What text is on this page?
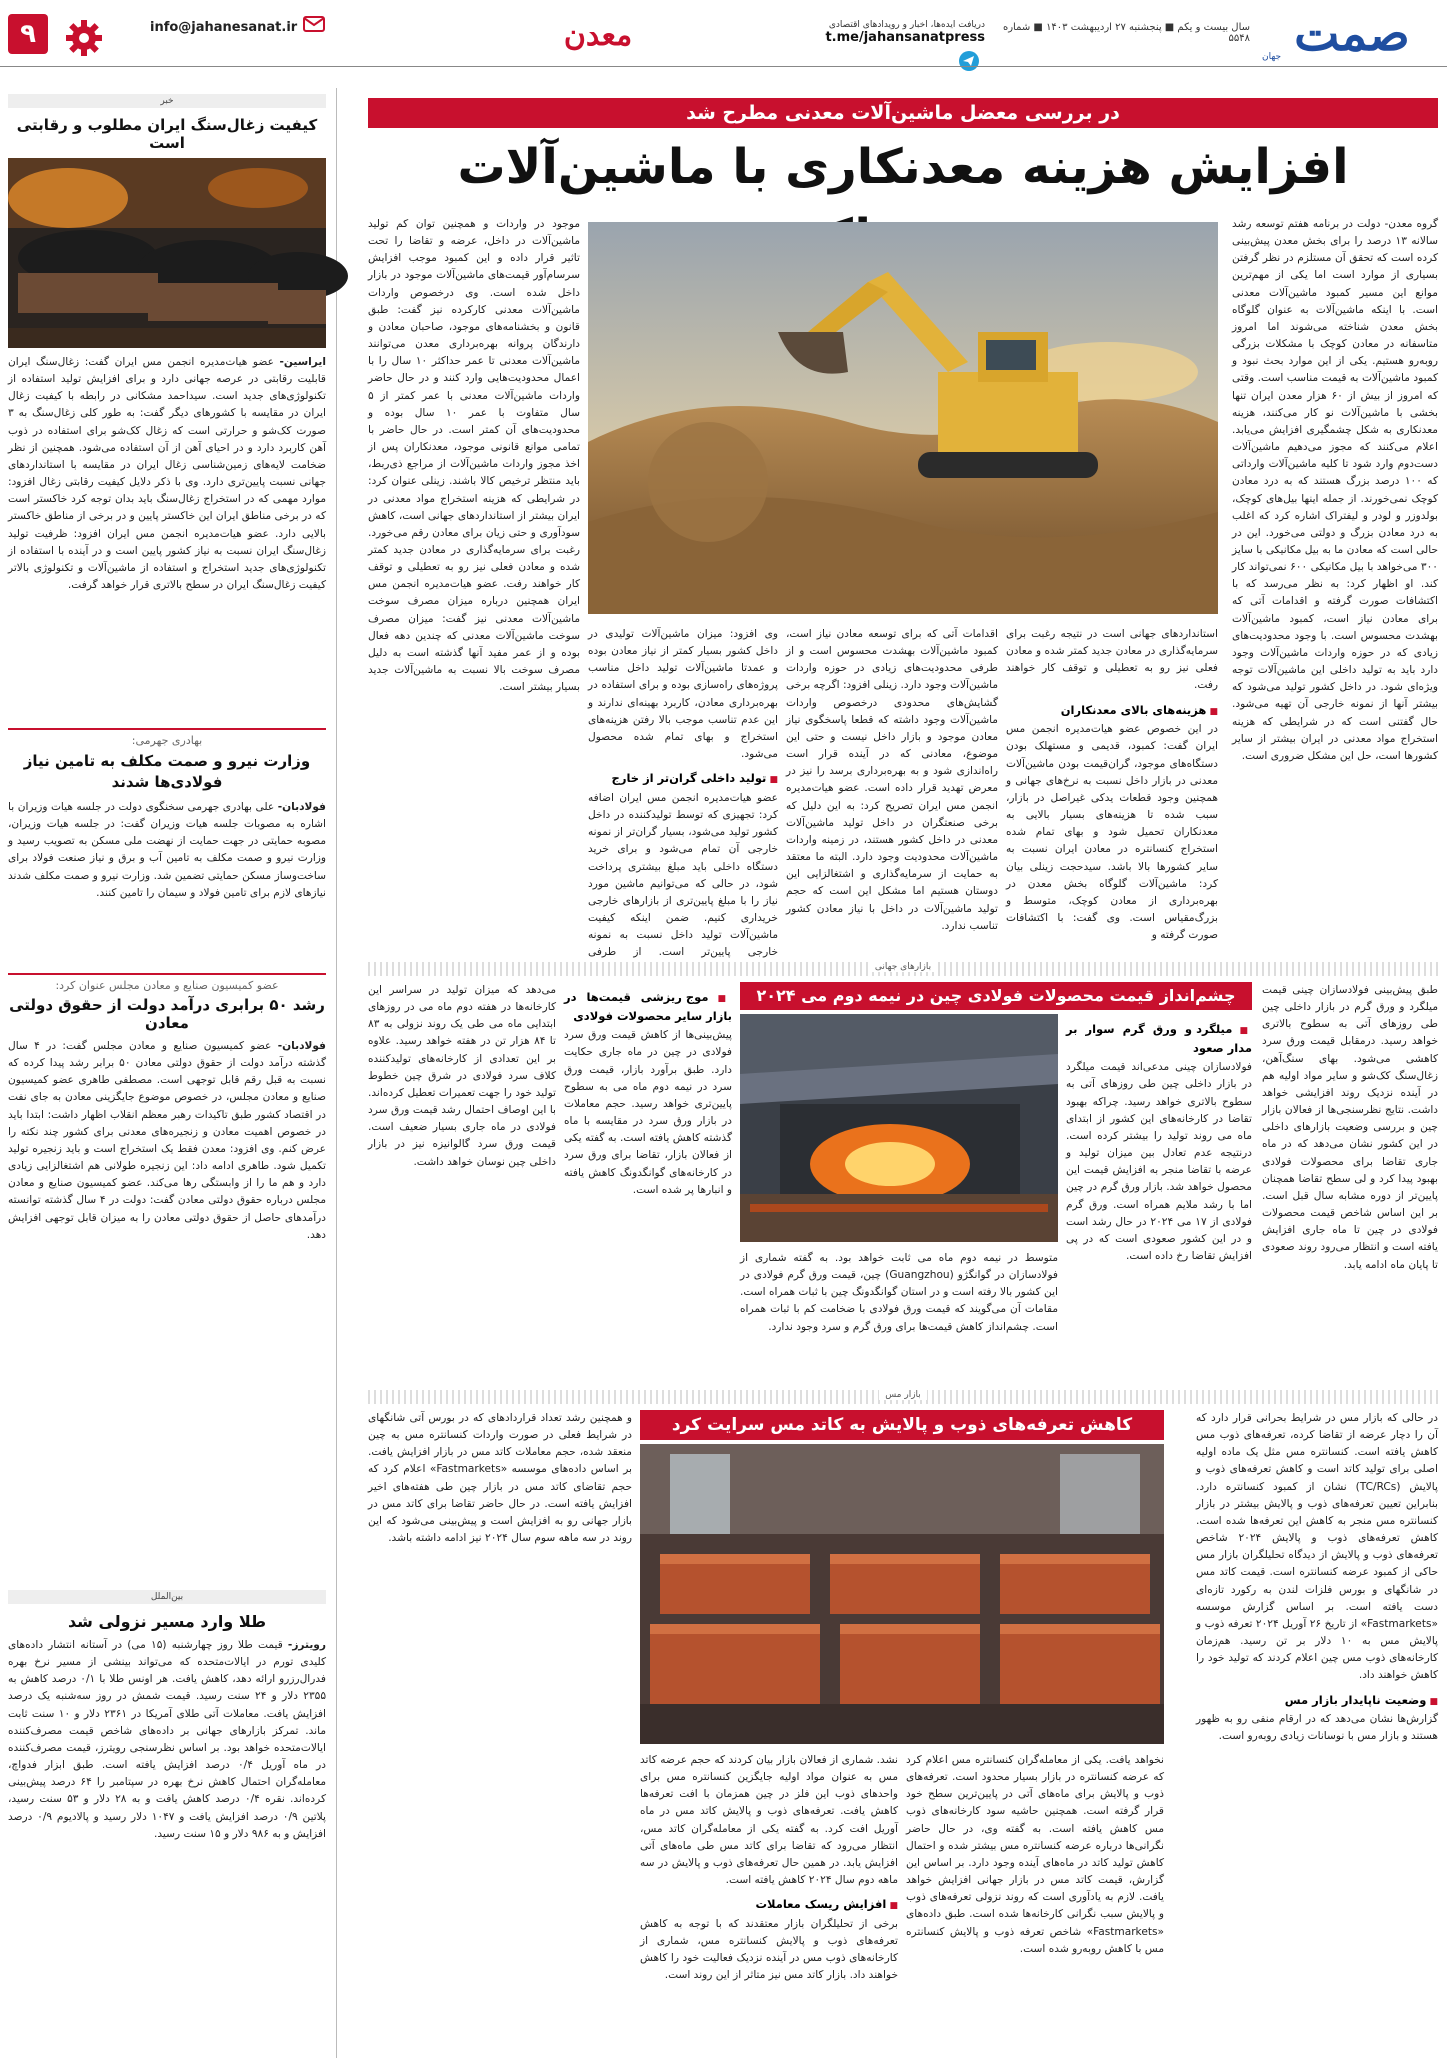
۹	info@jahanesanat.ir	معدن	دریافت ایده‌ها، اخبار و رویدادهای اقتصادی
t.me/jahansanatpress
سال بیست و یکم ■ پنجشنبه ۲۷ اردیبهشت ۱۴۰۳ ■ شماره ۵۵۴۸ صمت
جهان
در بررسی معضل ماشین‌آلات معدنی مطرح شد
افزایش هزینه معدنکاری با ماشین‌آلات

گروه معدن- دولت در برنامه هفتم توسعه رشد سالانه ۱۳ درصد را برای بخش معدن پیش‌بینی کرده است که تحقق آن مستلزم در نظر گرفتن بسیاری از موارد است اما یکی از مهم‌ترین موانع این مسیر کمبود ماشین‌آلات معدنی است. با اینکه ماشین‌آلات به عنوان گلوگاه بخش معدن شناخته می‌شوند اما امروز متاسفانه در معادن کوچک با مشکلات بزرگی روبه‌رو هستیم. یکی از این موارد بحث نبود و کمبود ماشین‌آلات به قیمت مناسب است. وقتی که امروز از بیش از ۶۰ هزار معدن ایران تنها بخشی با ماشین‌آلات نو کار می‌کنند، هزینه معدنکاری به شکل چشمگیری افزایش می‌یابد. اعلام می‌کنند که مجوز می‌دهیم ماشین‌آلات دست‌دوم وارد شود تا کلیه ماشین‌آلات وارداتی که ۱۰۰ درصد بزرگ هستند که به درد معادن کوچک نمی‌خورند. از جمله اینها بیل‌های کوچک، بولدوزر و لودر و لیفتراک اشاره کرد که اغلب به درد معادن بزرگ و دولتی می‌خورد. این در حالی است که معادن ما به بیل مکانیکی با سایز ۳۰۰ می‌خواهد با بیل مکانیکی ۶۰۰ نمی‌تواند کار کند. او اظهار کرد: به نظر می‌رسد که با اکتشافات صورت گرفته و اقدامات آتی که برای معادن نیاز است، کمبود ماشین‌آلات بهشدت محسوس است. با وجود محدودیت‌های زیادی که در حوزه واردات ماشین‌آلات وجود دارد باید به تولید داخلی این ماشین‌آلات توجه ویژه‌ای شود. در داخل کشور تولید می‌شود که بیشتر آنها از نمونه خارجی آن تهیه می‌شود. حال گفتنی است که در شرایطی که هزینه استخراج مواد معدنی در ایران بیشتر از سایر کشورها است، حل این مشکل ضروری است.

استانداردهای جهانی است در نتیجه رغبت برای سرمایه‌گذاری در معادن جدید کمتر شده و معادن فعلی نیز رو به تعطیلی و توقف کار خواهند رفت.

■ هزینه‌های بالای معدنکاران

در این خصوص عضو هیات‌مدیره انجمن مس ایران گفت: کمبود، قدیمی و مستهلک بودن دستگاه‌های موجود، گران‌قیمت بودن ماشین‌آلات معدنی در بازار داخل نسبت به نرخ‌های جهانی و همچنین وجود قطعات یدکی غیراصل در بازار، سبب شده تا هزینه‌های بسیار بالایی به معدنکاران تحمیل شود و بهای تمام شده استخراج کنسانتره در معادن ایران نسبت به سایر کشورها بالا باشد. سیدحجت زینلی بیان کرد: ماشین‌آلات گلوگاه بخش معدن در بهره‌برداری از معادن کوچک، متوسط و بزرگ‌مقیاس است. وی گفت: با اکتشافات صورت گرفته و

اقدامات آتی که برای توسعه معادن نیاز است، کمبود ماشین‌آلات بهشدت محسوس است و از طرفی محدودیت‌های زیادی در حوزه واردات ماشین‌آلات وجود دارد. زینلی افزود: اگرچه برخی گشایش‌های محدودی درخصوص واردات ماشین‌آلات وجود داشته که قطعا پاسخگوی نیاز معادن موجود و بازار داخل نیست و حتی این موضوع، معادنی که در آینده قرار است راه‌اندازی شود و به بهره‌برداری برسد را نیز در معرض تهدید قرار داده است. عضو هیات‌مدیره انجمن مس ایران تصریح کرد: به این دلیل که برخی صنعتگران در داخل تولید ماشین‌آلات معدنی در داخل کشور هستند، در زمینه واردات ماشین‌آلات محدودیت وجود دارد. البته ما معتقد به حمایت از سرمایه‌گذاری و اشتغالزایی این دوستان هستیم اما مشکل این است که حجم تولید ماشین‌آلات در داخل با نیاز معادن کشور تناسب ندارد.

وی افزود: میزان ماشین‌آلات تولیدی در داخل کشور بسیار کمتر از نیاز معادن بوده و عمدتا ماشین‌آلات تولید داخل مناسب پروژه‌های راه‌سازی بوده و برای استفاده در بهره‌برداری معادن، کاربرد بهینه‌ای ندارند و این عدم تناسب موجب بالا رفتن هزینه‌های استخراج و بهای تمام شده محصول می‌شود.

■ تولید داخلی گران‌تر از خارج

عضو هیات‌مدیره انجمن مس ایران اضافه کرد: تجهیزی که توسط تولیدکننده در داخل کشور تولید می‌شود، بسیار گران‌تر از نمونه خارجی آن تمام می‌شود و برای خرید دستگاه داخلی باید مبلغ بیشتری پرداخت شود، در حالی که می‌توانیم ماشین مورد نیاز را با مبلغ پایین‌تری از بازارهای خارجی خریداری کنیم. ضمن اینکه کیفیت ماشین‌آلات تولید داخل نسبت به نمونه خارجی پایین‌تر است. از طرفی

موجود در واردات و همچنین توان کم تولید ماشین‌آلات در داخل، عرضه و تقاضا را تحت تاثیر قرار داده و این کمبود موجب افزایش سرسام‌آور قیمت‌های ماشین‌آلات موجود در بازار داخل شده است. وی درخصوص واردات ماشین‌آلات معدنی کارکرده نیز گفت: طبق قانون و بخشنامه‌های موجود، صاحبان معادن و دارندگان پروانه بهره‌برداری معدن می‌توانند ماشین‌آلات معدنی تا عمر حداکثر ۱۰ سال را با اعمال محدودیت‌هایی وارد کنند و در حال حاضر واردات ماشین‌آلات معدنی با عمر کمتر از ۵ سال متفاوت با عمر ۱۰ سال بوده و محدودیت‌های آن کمتر است. در حال حاضر با تمامی موانع قانونی موجود، معدنکاران پس از اخذ مجوز واردات ماشین‌آلات از مراجع ذی‌ربط، باید منتظر ترخیص کالا باشند. زینلی عنوان کرد: در شرایطی که هزینه استخراج مواد معدنی در ایران بیشتر از استانداردهای جهانی است، کاهش سودآوری و حتی زیان برای معادن رقم می‌خورد. رغبت برای سرمایه‌گذاری در معادن جدید کمتر شده و معادن فعلی نیز رو به تعطیلی و توقف کار خواهند رفت. عضو هیات‌مدیره انجمن مس ایران همچنین درباره میزان مصرف سوخت ماشین‌آلات معدنی نیز گفت: میزان مصرف سوخت ماشین‌آلات معدنی که چندین دهه فعال بوده و از عمر مفید آنها گذشته است به دلیل مصرف سوخت بالا نسبت به ماشین‌آلات جدید بسیار بیشتر است.

بازارهای جهانی
چشم‌انداز قیمت محصولات فولادی چین در نیمه دوم می ۲۰۲۴	طبق پیش‌بینی فولادسازان چینی قیمت میلگرد و ورق گرم در بازار داخلی چین طی روزهای آتی به سطوح بالاتری خواهد رسید. درمقابل قیمت ورق سرد کاهشی می‌شود. بهای سنگ‌آهن، زغال‌سنگ کک‌شو و سایر مواد اولیه هم در آینده نزدیک روند افزایشی خواهد داشت. نتایج نظرسنجی‌ها از فعالان بازار چین و بررسی وضعیت بازارهای داخلی در این کشور نشان می‌دهد که در ماه جاری تقاضا برای محصولات فولادی بهبود پیدا کرد و لی سطح تقاضا همچنان پایین‌تر از دوره مشابه سال قبل است. بر این اساس شاخص قیمت محصولات فولادی در چین تا ماه جاری افزایش یافته است و انتظار می‌رود روند صعودی تا پایان ماه ادامه یابد.

■ میلگرد و ورق گرم سوار بر مدار صعود

فولادسازان چینی مدعی‌اند قیمت میلگرد در بازار داخلی چین طی روزهای آتی به سطوح بالاتری خواهد رسید. چراکه بهبود تقاضا در کارخانه‌های این کشور از ابتدای ماه می روند تولید را بیشتر کرده است. درنتیجه عدم تعادل بین میزان تولید و عرضه با تقاضا منجر به افزایش قیمت این محصول خواهد شد. بازار ورق گرم در چین اما با رشد ملایم همراه است. ورق گرم فولادی از ۱۷ می ۲۰۲۴ در حال رشد است و در این کشور صعودی است که در پی افزایش تقاضا رخ داده است.

متوسط در نیمه دوم ماه می ثابت خواهد بود. به گفته شماری از فولادسازان در گوانگژو (Guangzhou) چین، قیمت ورق گرم فولادی در این کشور بالا رفته است و در استان گوانگدونگ چین با ثبات همراه است. مقامات آن می‌گویند که قیمت ورق فولادی با ضخامت کم با ثبات همراه است. چشم‌انداز کاهش قیمت‌ها برای ورق گرم و سرد وجود ندارد.

■ موج ریزشی قیمت‌ها در بازار سایر محصولات فولادی

پیش‌بینی‌ها از کاهش قیمت ورق سرد فولادی در چین در ماه جاری حکایت دارد. طبق برآورد بازار، قیمت ورق سرد در نیمه دوم ماه می به سطوح پایین‌تری خواهد رسید. حجم معاملات در بازار ورق سرد در مقایسه با ماه گذشته کاهش یافته است. به گفته یکی از فعالان بازار، تقاضا برای ورق سرد در کارخانه‌های گوانگدونگ کاهش یافته و انبارها پر شده است.

می‌دهد که میزان تولید در سراسر این کارخانه‌ها در هفته دوم ماه می در روزهای ابتدایی ماه می طی یک روند نزولی به ۸۳ تا ۸۴ هزار تن در هفته خواهد رسید. علاوه بر این تعدادی از کارخانه‌های تولیدکننده کلاف سرد فولادی در شرق چین خطوط تولید خود را جهت تعمیرات تعطیل کرده‌اند. با این اوصاف احتمال رشد قیمت ورق سرد فولادی در ماه جاری بسیار ضعیف است. قیمت ورق سرد گالوانیزه نیز در بازار داخلی چین نوسان خواهد داشت.

بازار مس
کاهش تعرفه‌های ذوب و پالایش به کاتد مس سرایت کرد	در حالی که بازار مس در شرایط بحرانی قرار دارد که آن را دچار عرضه از تقاضا کرده، تعرفه‌های ذوب مس کاهش یافته است. کنسانتره مس مثل یک ماده اولیه اصلی برای تولید کاتد است و کاهش تعرفه‌های ذوب و پالایش (TC/RCs) نشان از کمبود کنسانتره دارد. بنابراین تعیین تعرفه‌های ذوب و پالایش بیشتر در بازار کنسانتره مس منجر به کاهش این تعرفه‌ها شده است. کاهش تعرفه‌های ذوب و پالایش ۲۰۲۴ شاخص تعرفه‌های ذوب و پالایش از دیدگاه تحلیلگران بازار مس حاکی از کمبود عرضه کنسانتره است. قیمت کاتد مس در شانگهای و بورس فلزات لندن به رکورد تازه‌ای دست یافته است. بر اساس گزارش موسسه «Fastmarkets» از تاریخ ۲۶ آوریل ۲۰۲۴ تعرفه ذوب و پالایش مس به ۱۰ دلار بر تن رسید. هم‌زمان کارخانه‌های ذوب مس چین اعلام کردند که تولید خود را کاهش خواهند داد.

■ وضعیت ناپایدار بازار مس

گزارش‌ها نشان می‌دهد که در ارقام منفی رو به ظهور هستند و بازار مس با نوسانات زیادی روبه‌رو است.

نخواهد یافت. یکی از معامله‌گران کنسانتره مس اعلام کرد که عرضه کنسانتره در بازار بسیار محدود است. تعرفه‌های ذوب و پالایش برای ماه‌های آتی در پایین‌ترین سطح خود قرار گرفته است. همچنین حاشیه سود کارخانه‌های ذوب مس کاهش یافته است. به گفته وی، در حال حاضر نگرانی‌ها درباره عرضه کنسانتره مس بیشتر شده و احتمال کاهش تولید کاتد در ماه‌های آینده وجود دارد. بر اساس این گزارش، قیمت کاتد مس در بازار جهانی افزایش خواهد یافت. لازم به یادآوری است که روند نزولی تعرفه‌های ذوب و پالایش سبب نگرانی کارخانه‌ها شده است. طبق داده‌های «Fastmarkets» شاخص تعرفه ذوب و پالایش کنسانتره مس با کاهش روبه‌رو شده است.

نشد. شماری از فعالان بازار بیان کردند که حجم عرضه کاتد مس به عنوان مواد اولیه جایگزین کنسانتره مس برای واحدهای ذوب این فلز در چین همزمان با افت تعرفه‌ها کاهش یافت. تعرفه‌های ذوب و پالایش کاتد مس در ماه آوریل افت کرد. به گفته یکی از معامله‌گران کاتد مس، انتظار می‌رود که تقاضا برای کاتد مس طی ماه‌های آتی افزایش یابد. در همین حال تعرفه‌های ذوب و پالایش در سه ماهه دوم سال ۲۰۲۴ کاهش یافته است.

■ افزایش ریسک معاملات

برخی از تحلیلگران بازار معتقدند که با توجه به کاهش تعرفه‌های ذوب و پالایش کنسانتره مس، شماری از کارخانه‌های ذوب مس در آینده نزدیک فعالیت خود را کاهش خواهند داد. بازار کاتد مس نیز متاثر از این روند است.

و همچنین رشد تعداد قراردادهای که در بورس آتی شانگهای در شرایط فعلی در صورت واردات کنسانتره مس به چین منعقد شده، حجم معاملات کاتد مس در بازار افزایش یافت. بر اساس داده‌های موسسه «Fastmarkets» اعلام کرد که حجم تقاضای کاتد مس در بازار چین طی هفته‌های اخیر افزایش یافته است. در حال حاضر تقاضا برای کاتد مس در بازار جهانی رو به افزایش است و پیش‌بینی می‌شود که این روند در سه ماهه سوم سال ۲۰۲۴ نیز ادامه داشته باشد.

خبر
کیفیت زغال‌سنگ ایران مطلوب و رقابتی است

ایراسین- عضو هیات‌مدیره انجمن مس ایران گفت: زغال‌سنگ ایران قابلیت رقابتی در عرصه جهانی دارد و برای افزایش تولید استفاده از تکنولوژی‌های جدید است. سیداحمد مشکانی در رابطه با کیفیت زغال ایران در مقایسه با کشورهای دیگر گفت: به طور کلی زغال‌سنگ به ۳ صورت کک‌شو و حرارتی است که زغال کک‌شو برای استفاده در ذوب آهن کاربرد دارد و در احیای آهن از آن استفاده می‌شود. همچنین از نظر ضخامت لایه‌های زمین‌شناسی زغال ایران در مقایسه با استانداردهای جهانی نسبت پایین‌تری دارد. وی با ذکر دلایل کیفیت رقابتی زغال افزود: موارد مهمی که در استخراج زغال‌سنگ باید بدان توجه کرد خاکستر است که در برخی مناطق ایران این خاکستر پایین و در برخی از مناطق خاکستر بالایی دارد. عضو هیات‌مدیره انجمن مس ایران افزود: ظرفیت تولید زغال‌سنگ ایران نسبت به نیاز کشور پایین است و در آینده با استفاده از تکنولوژی‌های جدید استخراج و استفاده از ماشین‌آلات و تکنولوژی بالاتر کیفیت زغال‌سنگ ایران در سطح بالاتری قرار خواهد گرفت.

بهادری جهرمی:
وزارت نیرو و صمت مکلف به تامین نیاز فولادی‌ها شدند

فولادبان- علی بهادری جهرمی سخنگوی دولت در جلسه هیات وزیران با اشاره به مصوبات جلسه هیات وزیران گفت: در جلسه هیات وزیران، مصوبه حمایتی در جهت حمایت از نهضت ملی مسکن به تصویب رسید و وزارت نیرو و صمت مکلف به تامین آب و برق و نیاز صنعت فولاد برای ساخت‌وساز مسکن حمایتی تضمین شد. وزارت نیرو و صمت مکلف شدند نیازهای لازم برای تامین فولاد و سیمان را تامین کنند.

عضو کمیسیون صنایع و معادن مجلس عنوان کرد:
رشد ۵۰ برابری درآمد دولت از حقوق دولتی معادن

فولادبان- عضو کمیسیون صنایع و معادن مجلس گفت: در ۴ سال گذشته درآمد دولت از حقوق دولتی معادن ۵۰ برابر رشد پیدا کرده که نسبت به قبل رقم قابل توجهی است. مصطفی طاهری عضو کمیسیون صنایع و معادن مجلس، در خصوص موضوع جایگزینی معادن به جای نفت در اقتصاد کشور طبق تاکیدات رهبر معظم انقلاب اظهار داشت: ابتدا باید در خصوص اهمیت معادن و زنجیره‌های معدنی برای کشور چند نکته را عرض کنم. وی افزود: معدن فقط یک استخراج است و باید زنجیره تولید تکمیل شود. طاهری ادامه داد: این زنجیره طولانی هم اشتغالزایی زیادی دارد و هم ما را از وابستگی رها می‌کند. عضو کمیسیون صنایع و معادن مجلس درباره حقوق دولتی معادن گفت: دولت در ۴ سال گذشته توانسته درآمدهای حاصل از حقوق دولتی معادن را به میزان قابل توجهی افزایش دهد.

بین‌الملل
طلا وارد مسیر نزولی شد

رویترز- قیمت طلا روز چهارشنبه (۱۵ می) در آستانه انتشار داده‌های کلیدی تورم در ایالات‌متحده که می‌تواند بینشی از مسیر نرخ بهره فدرال‌رزرو ارائه دهد، کاهش یافت. هر اونس طلا با ۰/۱ درصد کاهش به ۲۳۵۵ دلار و ۲۴ سنت رسید. قیمت شمش در روز سه‌شنبه یک درصد افزایش یافت. معاملات آتی طلای آمریکا در ۲۳۶۱ دلار و ۱۰ سنت ثابت ماند. تمرکز بازارهای جهانی بر داده‌های شاخص قیمت مصرف‌کننده ایالات‌متحده خواهد بود. بر اساس نظرسنجی رویترز، قیمت مصرف‌کننده در ماه آوریل ۰/۴ درصد افزایش یافته است. طبق ابزار فدواچ، معامله‌گران احتمال کاهش نرخ بهره در سپتامبر را ۶۴ درصد پیش‌بینی کرده‌اند. نقره ۰/۴ درصد کاهش یافت و به ۲۸ دلار و ۵۳ سنت رسید، پلاتین ۰/۹ درصد افزایش یافت و ۱۰۴۷ دلار رسید و پالادیوم ۰/۹ درصد افزایش و به ۹۸۶ دلار و ۱۵ سنت رسید.
